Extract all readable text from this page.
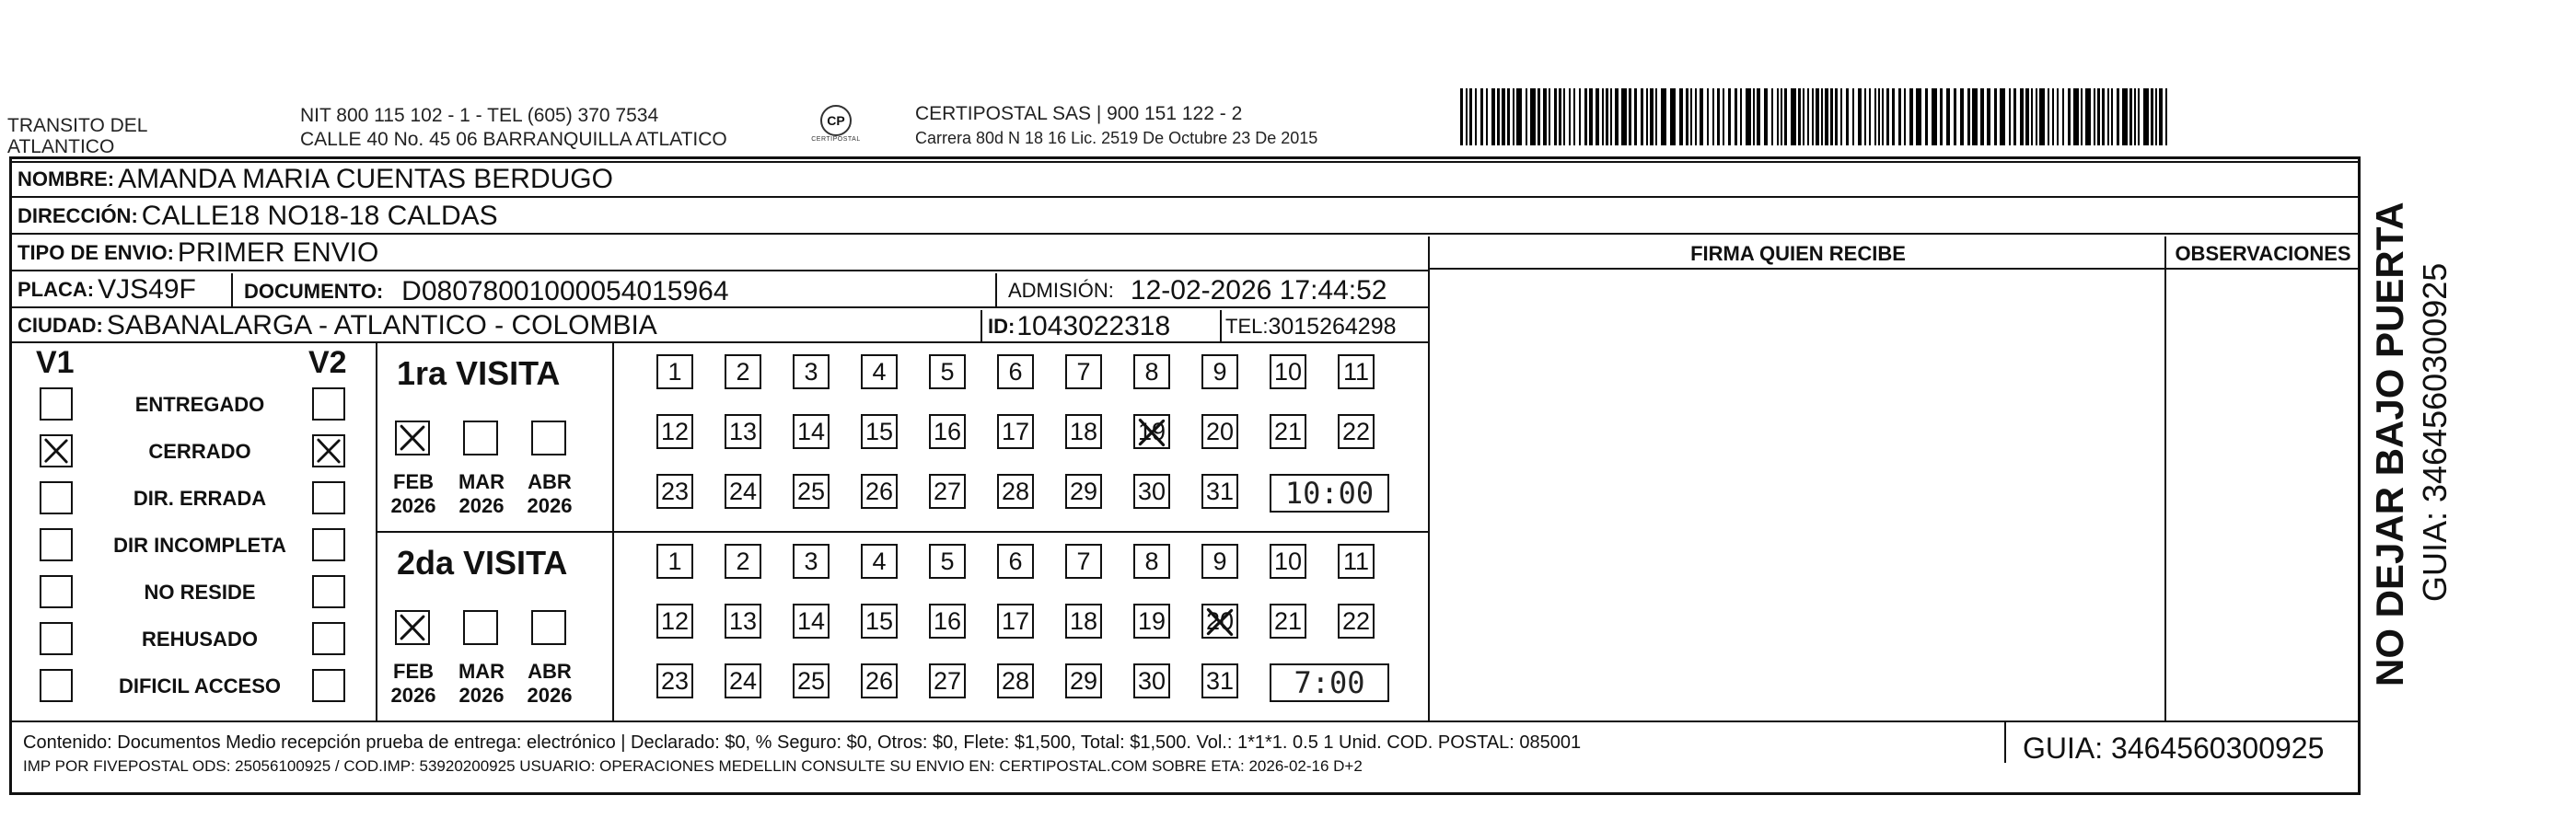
TRANSITO DEL
ATLANTICO
NIT 800 115 102 - 1 - TEL (605) 370 7534
CALLE 40 No. 45 06 BARRANQUILLA ATLATICO
CP
CERTIPOSTAL
CERTIPOSTAL SAS | 900 151 122 - 2
Carrera 80d N 18 16 Lic. 2519 De Octubre 23 De 2015
NOMBRE: AMANDA MARIA CUENTAS BERDUGO
DIRECCIÓN: CALLE18 NO18-18 CALDAS
TIPO DE ENVIO: PRIMER ENVIO
PLACA: VJS49F DOCUMENTO: D08078001000054015964	ADMISIÓN: 12-02-2026 17:44:52
CIUDAD: SABANALARGA - ATLANTICO - COLOMBIA	ID: 1043022318	TEL: 3015264298
FIRMA QUIEN RECIBE	OBSERVACIONES
V1	V2
ENTREGADO
CERRADO
DIR. ERRADA
DIR INCOMPLETA
NO RESIDE
REHUSADO
DIFICIL ACCESO
1ra VISITA
2da VISITA
FEB
2026
MAR
2026
ABR
2026
FEB
2026
MAR
2026
ABR
2026
1 2 3 4 5 6 7 8 9 10 11
12 13 14 15 16 17 18 19 20 21 22
23 24 25 26 27 28 29 30 31
1 2 3 4 5 6 7 8 9 10 11
12 13 14 15 16 17 18 19 20 21 22
23 24 25 26 27 28 29 30 31
10:00
7:00
Contenido: Documentos Medio recepción prueba de entrega: electrónico | Declarado: $0, % Seguro: $0, Otros: $0, Flete: $1,500, Total: $1,500. Vol.: 1*1*1. 0.5 1 Unid. COD. POSTAL: 085001
IMP POR FIVEPOSTAL ODS: 25056100925 / COD.IMP: 53920200925 USUARIO: OPERACIONES MEDELLIN CONSULTE SU ENVIO EN: CERTIPOSTAL.COM SOBRE ETA: 2026-02-16 D+2
GUIA: 3464560300925
NO DEJAR BAJO PUERTA GUIA: 3464560300925
